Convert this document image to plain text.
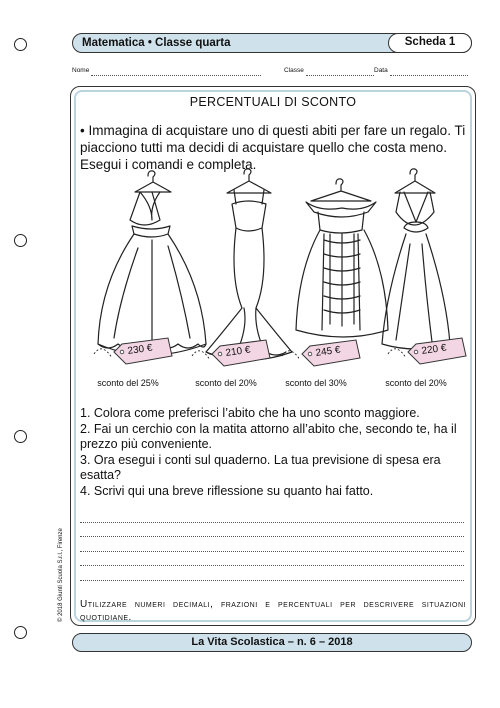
Matematica • Classe quarta	Scheda 1
Nome	Classe	Data
PERCENTUALI DI SCONTO
• Immagina di acquistare uno di questi abiti per fare un regalo. Ti piacciono tutti ma decidi di acquistare quello che costa meno. Esegui i comandi e completa.
230 €	210 €	245 €	220 €
sconto del 25%	sconto del 20%	sconto del 30%	sconto del 20%
1. Colora come preferisci l’abito che ha uno sconto maggiore.
2. Fai un cerchio con la matita attorno all’abito che, secondo te, ha il prezzo più conveniente.
3. Ora esegui i conti sul quaderno. La tua previsione di spesa era esatta?
4. Scrivi qui una breve riflessione su quanto hai fatto.
Utilizzare numeri decimali, frazioni e percentuali per descrivere situazioni quotidiane.
© 2018 Giunti Scuola S.r.l., Firenze
La Vita Scolastica – n. 6 – 2018
